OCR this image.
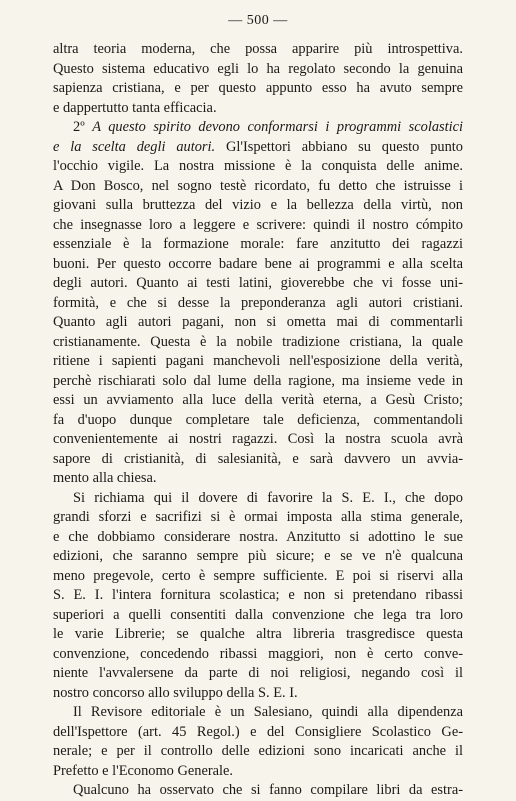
— 500 —
altra teoria moderna, che possa apparire più introspettiva.
Questo sistema educativo egli lo ha regolato secondo la genuina
sapienza cristiana, e per questo appunto esso ha avuto sempre
e dappertutto tanta efficacia.
2º A questo spirito devono conformarsi i programmi scolastici
e la scelta degli autori. Gl'Ispettori abbiano su questo punto
l'occhio vigile. La nostra missione è la conquista delle anime.
A Don Bosco, nel sogno testè ricordato, fu detto che istruisse i
giovani sulla bruttezza del vizio e la bellezza della virtù, non
che insegnasse loro a leggere e scrivere: quindi il nostro cómpito
essenziale è la formazione morale: fare anzitutto dei ragazzi
buoni. Per questo occorre badare bene ai programmi e alla scelta
degli autori. Quanto ai testi latini, gioverebbe che vi fosse uni-
formità, e che si desse la preponderanza agli autori cristiani.
Quanto agli autori pagani, non si ometta mai di commentarli
cristianamente. Questa è la nobile tradizione cristiana, la quale
ritiene i sapienti pagani manchevoli nell'esposizione della verità,
perchè rischiarati solo dal lume della ragione, ma insieme vede in
essi un avviamento alla luce della verità eterna, a Gesù Cristo;
fa d'uopo dunque completare tale deficienza, commentandoli
convenientemente ai nostri ragazzi. Così la nostra scuola avrà
sapore di cristianità, di salesianità, e sarà davvero un avvia-
mento alla chiesa.
Si richiama qui il dovere di favorire la S. E. I., che dopo
grandi sforzi e sacrifizi si è ormai imposta alla stima generale,
e che dobbiamo considerare nostra. Anzitutto si adottino le sue
edizioni, che saranno sempre più sicure; e se ve n'è qualcuna
meno pregevole, certo è sempre sufficiente. E poi si riservi alla
S. E. I. l'intera fornitura scolastica; e non si pretendano ribassi
superiori a quelli consentiti dalla convenzione che lega tra loro
le varie Librerie; se qualche altra libreria trasgredisce questa
convenzione, concedendo ribassi maggiori, non è certo conve-
niente l'avvalersene da parte di noi religiosi, negando così il
nostro concorso allo sviluppo della S. E. I.
Il Revisore editoriale è un Salesiano, quindi alla dipendenza
dell'Ispettore (art. 45 Regol.) e del Consigliere Scolastico Ge-
nerale; e per il controllo delle edizioni sono incaricati anche il
Prefetto e l'Economo Generale.
Qualcuno ha osservato che si fanno compilare libri da estra-
